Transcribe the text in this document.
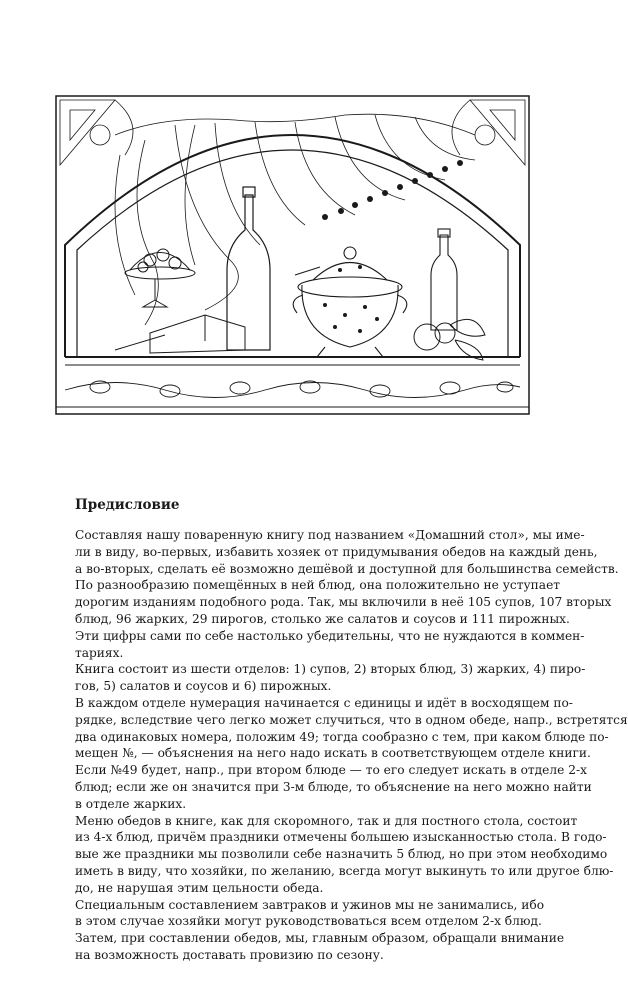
Предисловие
Составляя нашу поваренную книгу под названием «Домашний стол», мы име-
ли в виду, во-первых, избавить хозяек от придумывания обедов на каждый день,
а во-вторых, сделать её возможно дешёвой и доступной для большинства семейств.
По разнообразию помещённых в ней блюд, она положительно не уступает
дорогим изданиям подобного рода. Так, мы включили в неё 105 супов, 107 вторых
блюд, 96 жарких, 29 пирогов, столько же салатов и соусов и 111 пирожных.
Эти цифры сами по себе настолько убедительны, что не нуждаются в коммен-
тариях.
Книга состоит из шести отделов: 1) супов, 2) вторых блюд, 3) жарких, 4) пиро-
гов, 5) салатов и соусов и 6) пирожных.
В каждом отделе нумерация начинается с единицы и идёт в восходящем по-
рядке, вследствие чего легко может случиться, что в одном обеде, напр., встретятся
два одинаковых номера, положим 49; тогда сообразно с тем, при каком блюде по-
мещен №, — объяснения на него надо искать в соответствующем отделе книги.
Если №49 будет, напр., при втором блюде — то его следует искать в отделе 2-х
блюд; если же он значится при 3-м блюде, то объяснение на него можно найти
в отделе жарких.
Меню обедов в книге, как для скоромного, так и для постного стола, состоит
из 4-х блюд, причём праздники отмечены большею изысканностью стола. В годо-
вые же праздники мы позволили себе назначить 5 блюд, но при этом необходимо
иметь в виду, что хозяйки, по желанию, всегда могут выкинуть то или другое блю-
до, не нарушая этим цельности обеда.
Специальным составлением завтраков и ужинов мы не занимались, ибо
в этом случае хозяйки могут руководствоваться всем отделом 2-х блюд.
Затем, при составлении обедов, мы, главным образом, обращали внимание
на возможность доставать провизию по сезону.
